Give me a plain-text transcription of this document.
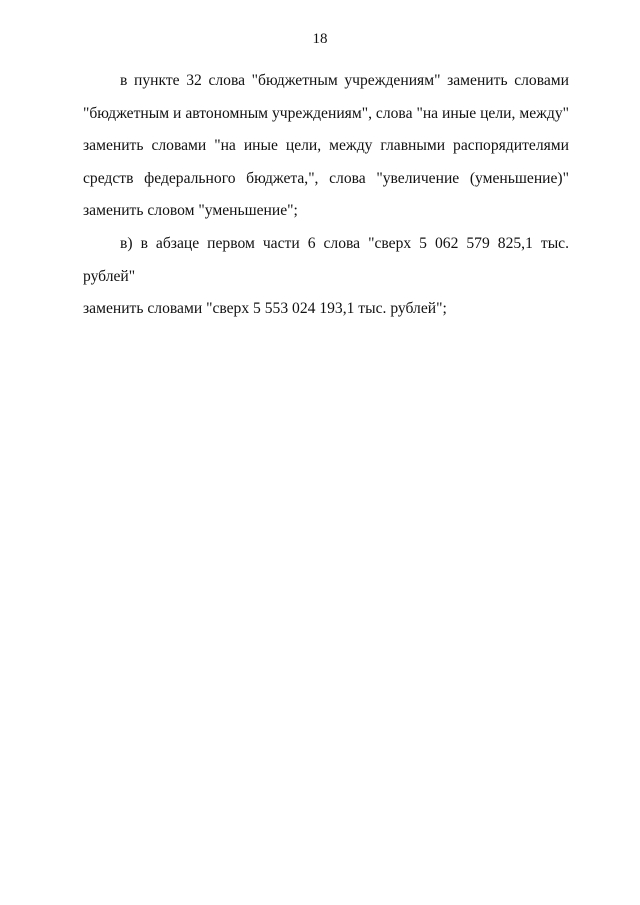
18

в пункте 32 слова "бюджетным учреждениям" заменить словами

"бюджетным и автономным учреждениям", слова "на иные цели, между"

заменить словами "на иные цели, между главными распорядителями

средств федерального бюджета,", слова "увеличение (уменьшение)"

заменить словом "уменьшение";

в) в абзаце первом части 6 слова "сверх 5 062 579 825,1 тыс. рублей"

заменить словами "сверх 5 553 024 193,1 тыс. рублей";
